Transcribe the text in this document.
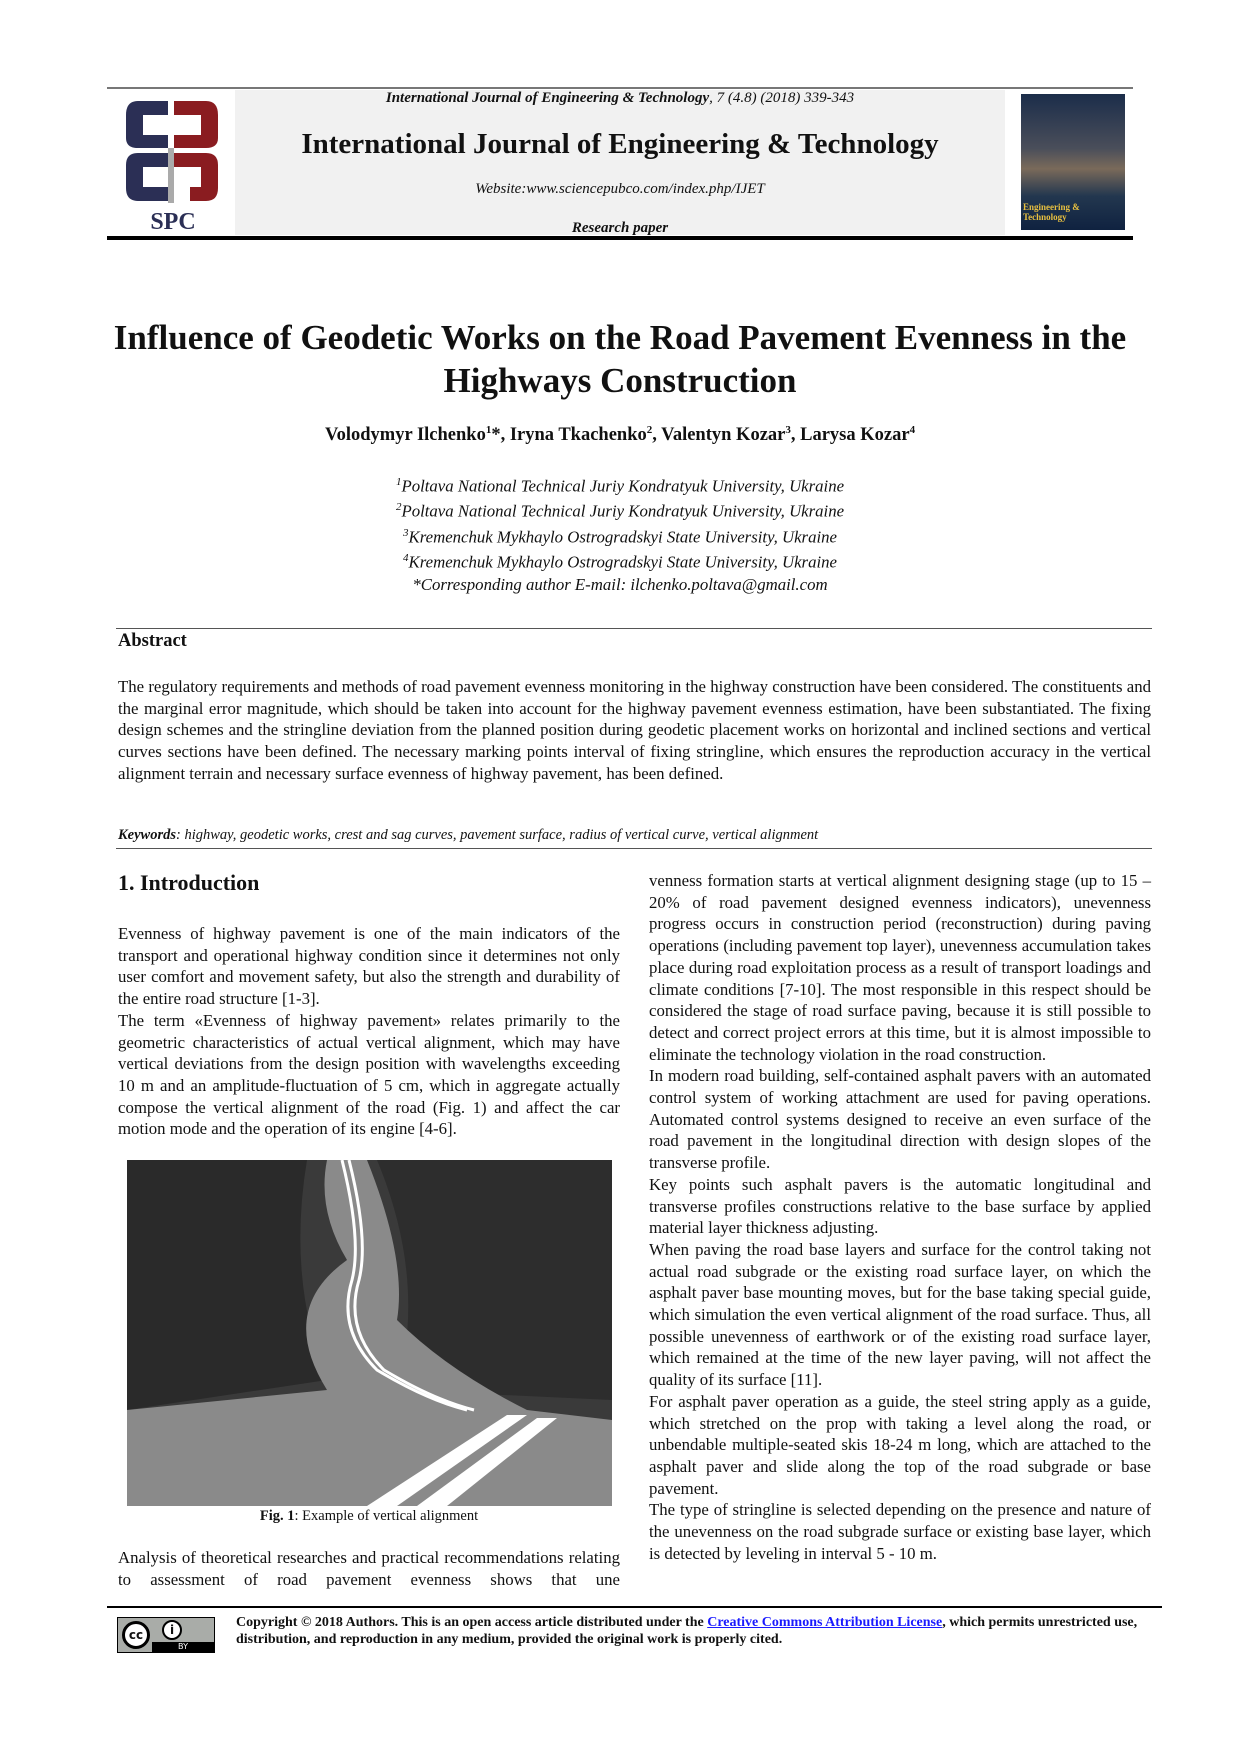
SPC
International Journal of Engineering & Technology, 7 (4.8) (2018) 339-343
International Journal of Engineering & Technology
Website:www.sciencepubco.com/index.php/IJET
Research paper
Engineering & Technology
Influence of Geodetic Works on the Road Pavement Evenness in the Highways Construction
Volodymyr Ilchenko$^1$*, Iryna Tkachenko$^2$, Valentyn Kozar$^3$, Larysa Kozar$^4$
$^1$Poltava National Technical Juriy Kondratyuk University, Ukraine
$^2$Poltava National Technical Juriy Kondratyuk University, Ukraine
$^3$Kremenchuk Mykhaylo Ostrogradskyi State University, Ukraine
$^4$Kremenchuk Mykhaylo Ostrogradskyi State University, Ukraine
*Corresponding author E-mail: ilchenko.poltava@gmail.com
Abstract
The regulatory requirements and methods of road pavement evenness monitoring in the highway construction have been considered. The constituents and the marginal error magnitude, which should be taken into account for the highway pavement evenness estimation, have been substantiated. The fixing design schemes and the stringline deviation from the planned position during geodetic placement works on horizontal and inclined sections and vertical curves sections have been defined. The necessary marking points interval of fixing stringline, which ensures the reproduction accuracy in the vertical alignment terrain and necessary surface evenness of highway pavement, has been defined.
Keywords: highway, geodetic works, crest and sag curves, pavement surface, radius of vertical curve, vertical alignment
1. Introduction

Evenness of highway pavement is one of the main indicators of the transport and operational highway condition since it determines not only user comfort and movement safety, but also the strength and durability of the entire road structure [1-3].

The term «Evenness of highway pavement» relates primarily to the geometric characteristics of actual vertical alignment, which may have vertical deviations from the design position with wavelengths exceeding 10 m and an amplitude-fluctuation of 5 cm, which in aggregate actually compose the vertical alignment of the road (Fig. 1) and affect the car motion mode and the operation of its engine [4-6].

Fig. 1: Example of vertical alignment
Analysis of theoretical researches and practical recommendations relating to assessment of road pavement evenness shows that une

venness formation starts at vertical alignment designing stage (up to 15 – 20% of road pavement designed evenness indicators), unevenness progress occurs in construction period (reconstruction) during paving operations (including pavement top layer), unevenness accumulation takes place during road exploitation process as a result of transport loadings and climate conditions [7-10]. The most responsible in this respect should be considered the stage of road surface paving, because it is still possible to detect and correct project errors at this time, but it is almost impossible to eliminate the technology violation in the road construction.

In modern road building, self-contained asphalt pavers with an automated control system of working attachment are used for paving operations. Automated control systems designed to receive an even surface of the road pavement in the longitudinal direction with design slopes of the transverse profile.

Key points such asphalt pavers is the automatic longitudinal and transverse profiles constructions relative to the base surface by applied material layer thickness adjusting.

When paving the road base layers and surface for the control taking not actual road subgrade or the existing road surface layer, on which the asphalt paver base mounting moves, but for the base taking special guide, which simulation the even vertical alignment of the road surface. Thus, all possible unevenness of earthwork or of the existing road surface layer, which remained at the time of the new layer paving, will not affect the quality of its surface [11].

For asphalt paver operation as a guide, the steel string apply as a guide, which stretched on the prop with taking a level along the road, or unbendable multiple-seated skis 18-24 m long, which are attached to the asphalt paver and slide along the top of the road subgrade or base pavement.

The type of stringline is selected depending on the presence and nature of the unevenness on the road subgrade surface or existing base layer, which is detected by leveling in interval 5 - 10 m.

cc	i
BY
Copyright © 2018 Authors. This is an open access article distributed under the Creative Commons Attribution License, which permits unrestricted use, distribution, and reproduction in any medium, provided the original work is properly cited.
